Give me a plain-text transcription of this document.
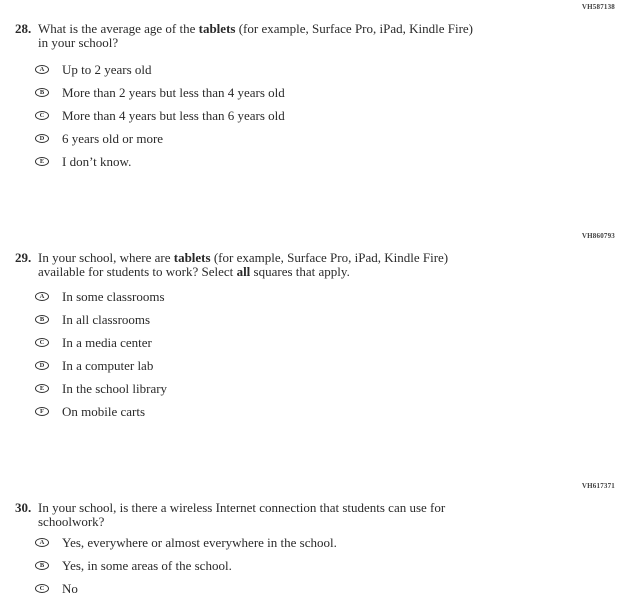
VH587138
28. What is the average age of the tablets (for example, Surface Pro, iPad, Kindle Fire)
in your school?
A Up to 2 years old
B More than 2 years but less than 4 years old
C More than 4 years but less than 6 years old
D 6 years old or more
E I don’t know.
VH860793
29. In your school, where are tablets (for example, Surface Pro, iPad, Kindle Fire)
available for students to work? Select all squares that apply.
A In some classrooms
B In all classrooms
C In a media center
D In a computer lab
E In the school library
F On mobile carts
VH617371
30. In your school, is there a wireless Internet connection that students can use for
schoolwork?
A Yes, everywhere or almost everywhere in the school.
B Yes, in some areas of the school.
C No
